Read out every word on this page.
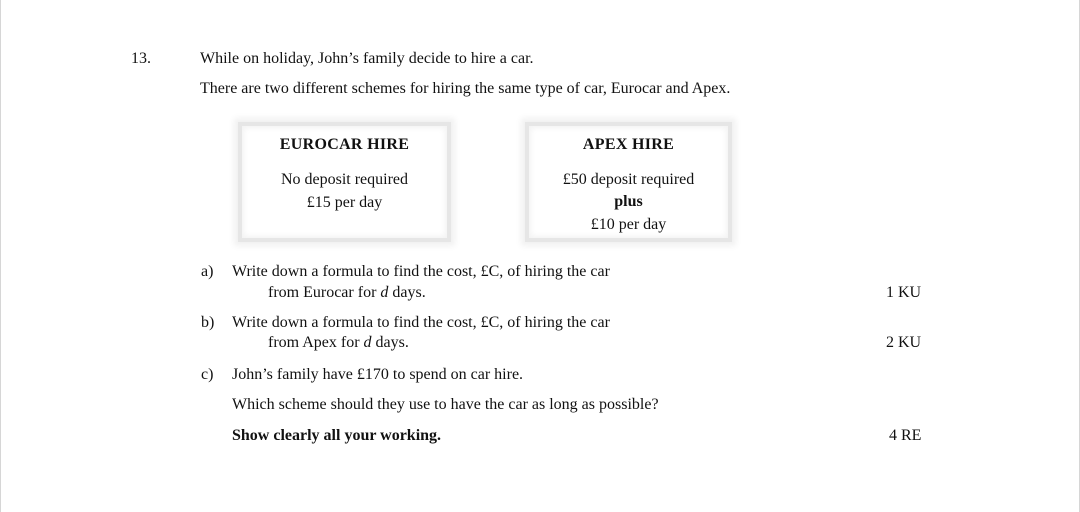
13.	While on holiday, John’s family decide to hire a car.
There are two different schemes for hiring the same type of car, Eurocar and Apex.
EUROCAR HIRE
No deposit required
£15 per day
APEX HIRE
£50 deposit required
plus
£10 per day
a) Write down a formula to find the cost, £C, of hiring the car
from Eurocar for d days.	1 KU
b) Write down a formula to find the cost, £C, of hiring the car
from Apex for d days.	2 KU
c) John’s family have £170 to spend on car hire.
Which scheme should they use to have the car as long as possible?
Show clearly all your working.	4 RE
